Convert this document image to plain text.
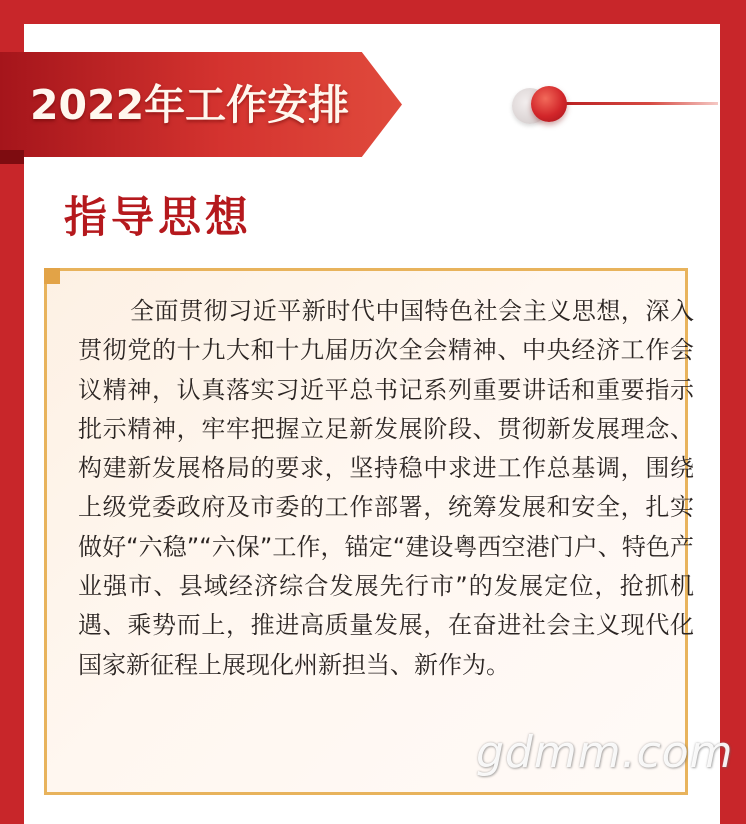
2022年工作安排
指导思想

全面贯彻习近平新时代中国特色社会主义思想，深入贯彻党的十九大和十九届历次全会精神、中央经济工作会议精神，认真落实习近平总书记系列重要讲话和重要指示批示精神，牢牢把握立足新发展阶段、贯彻新发展理念、构建新发展格局的要求，坚持稳中求进工作总基调，围绕上级党委政府及市委的工作部署，统筹发展和安全，扎实做好“六稳”“六保”工作，锚定“建设粤西空港门户、特色产业强市、县域经济综合发展先行市”的发展定位，抢抓机遇、乘势而上，推进高质量发展，在奋进社会主义现代化国家新征程上展现化州新担当、新作为。

gdmm.com
